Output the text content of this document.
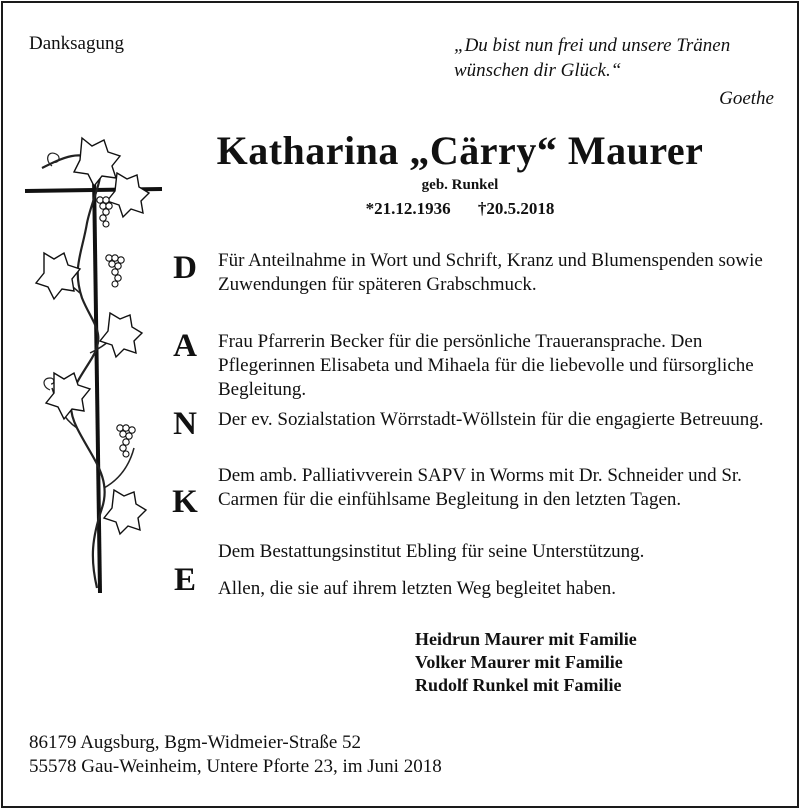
Danksagung	„Du bist nun frei und unsere Tränen
wünschen dir Glück.“
Goethe
Katharina „Cärry“ Maurer
geb. Runkel
*21.12.1936 †20.5.2018
D
A
N
K
E
Für Anteilnahme in Wort und Schrift, Kranz und Blumenspenden sowie Zuwendungen für späteren Grabschmuck.
Frau Pfarrerin Becker für die persönliche Traueransprache. Den Pflegerinnen Elisabeta und Mihaela für die liebevolle und fürsorgliche Begleitung.
Der ev. Sozialstation Wörrstadt-Wöllstein für die engagierte Betreuung.
Dem amb. Palliativverein SAPV in Worms mit Dr. Schneider und Sr. Carmen für die einfühlsame Begleitung in den letzten Tagen.
Dem Bestattungsinstitut Ebling für seine Unterstützung.
Allen, die sie auf ihrem letzten Weg begleitet haben.
Heidrun Maurer mit Familie
Volker Maurer mit Familie
Rudolf Runkel mit Familie
86179 Augsburg, Bgm-Widmeier-Straße 52
55578 Gau-Weinheim, Untere Pforte 23, im Juni 2018
